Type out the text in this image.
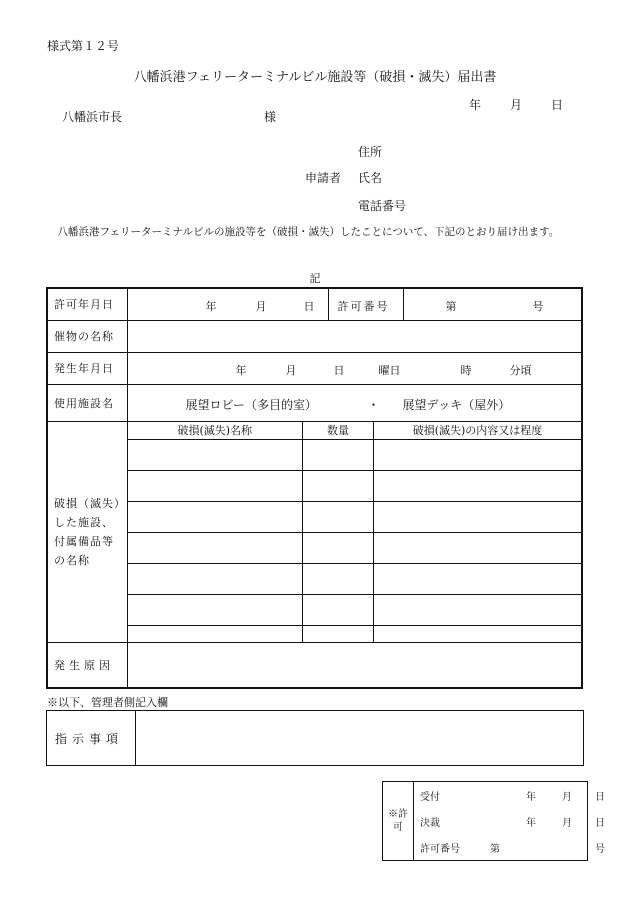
様式第１２号
八幡浜港フェリーターミナルビル施設等（破損・滅失）届出書
年 月 日
八幡浜市長	様
住所
申請者 氏名
電話番号
八幡浜港フェリーターミナルビルの施設等を（破損・滅失）したことについて、下記のとおり届け出ます。
記
許可年月日	年	月	日 許可番号	第	号

催物の名称	
発生年月日	年	月	日	曜日	時	分頃

使用施設名	展望ロビー（多目的室）	・ 展望デッキ（屋外）

破損（滅失）
した施設、
付属備品等
の名称

破損(滅失)名称	数量	破損(滅失)の内容又は程度

発生原因	
※以下、管理者側記入欄
指示事項	
※許可	
受付	年	月 日

決裁	年	月 日

許可番号	第	号
